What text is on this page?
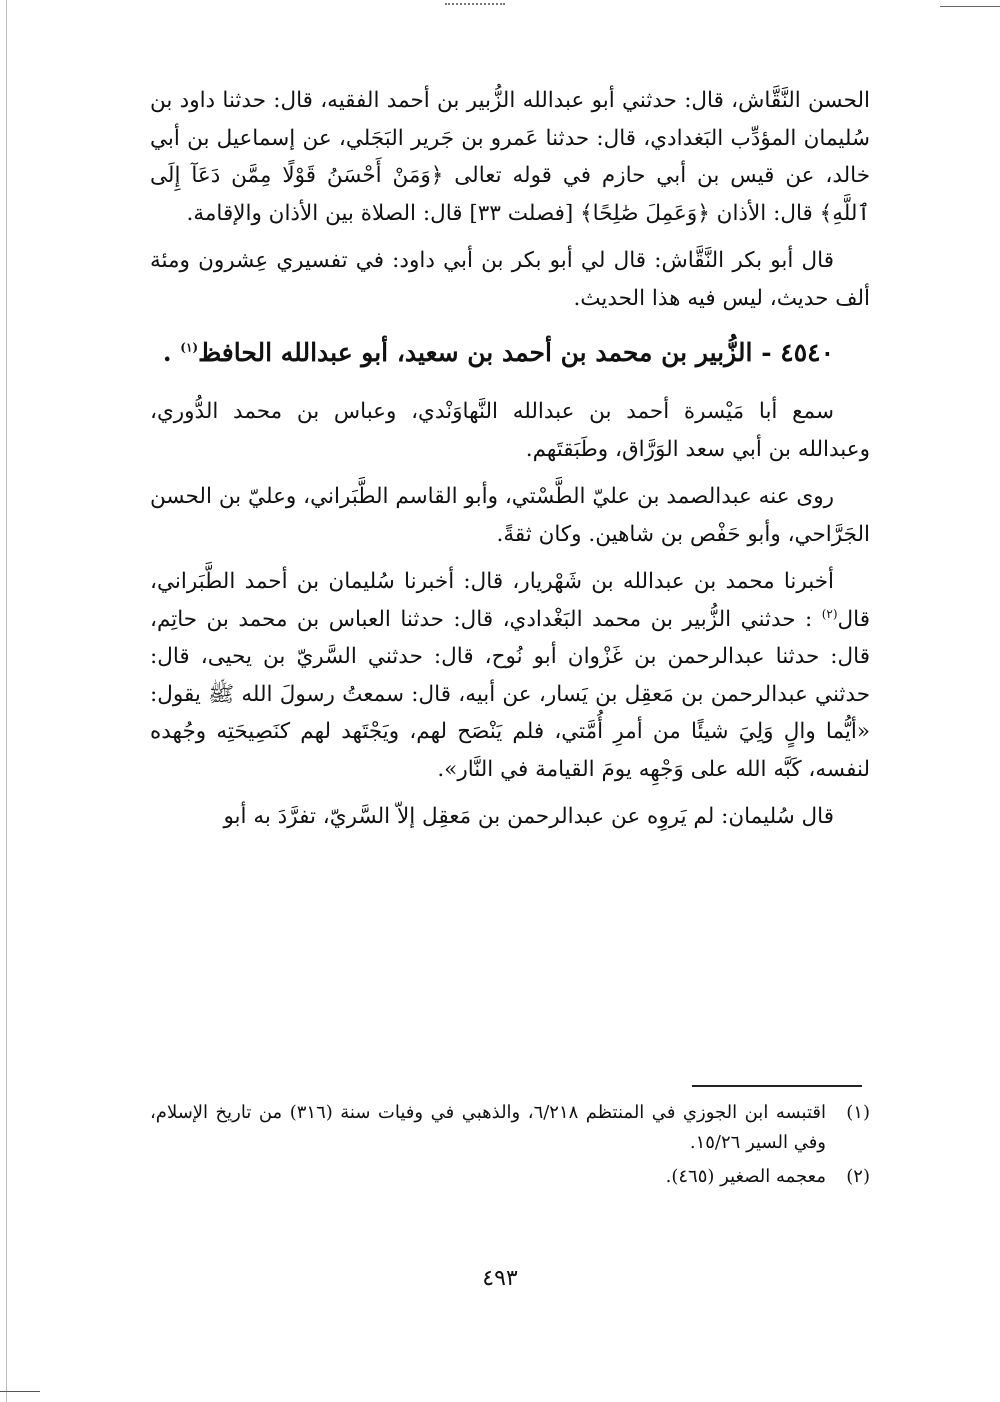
الحسن النَّقَّاش، قال: حدثني أبو عبدالله الزُّبير بن أحمد الفقيه، قال: حدثنا داود بن سُليمان المؤدِّب البَغدادي، قال: حدثنا عَمرو بن جَرير البَجَلي، عن إسماعيل بن أبي خالد، عن قيس بن أبي حازم في قوله تعالى ﴿وَمَنْ أَحْسَنُ قَوْلًا مِمَّن دَعَآ إِلَى ٱللَّهِ﴾ قال: الأذان ﴿وَعَمِلَ صَٰلِحًا﴾ [فصلت ٣٣] قال: الصلاة بين الأذان والإقامة.

قال أبو بكر النَّقَّاش: قال لي أبو بكر بن أبي داود: في تفسيري عِشرون ومئة ألف حديث، ليس فيه هذا الحديث.

٤٥٤٠ - الزُّبير بن محمد بن أحمد بن سعيد، أبو عبدالله الحافظ$^{(١)}$ .

سمع أبا مَيْسرة أحمد بن عبدالله النَّهاوَنْدي، وعباس بن محمد الدُّوري، وعبدالله بن أبي سعد الوَرَّاق، وطَبَقتَهم.

روى عنه عبدالصمد بن عليّ الطَّسْتي، وأبو القاسم الطَّبَراني، وعليّ بن الحسن الجَرَّاحي، وأبو حَفْص بن شاهين. وكان ثقةً.

أخبرنا محمد بن عبدالله بن شَهْريار، قال: أخبرنا سُليمان بن أحمد الطَّبَراني، قال$^{(٢)}$ : حدثني الزُّبير بن محمد البَغْدادي، قال: حدثنا العباس بن محمد بن حاتِم، قال: حدثنا عبدالرحمن بن غَزْوان أبو نُوح، قال: حدثني السَّريّ بن يحيى، قال: حدثني عبدالرحمن بن مَعقِل بن يَسار، عن أبيه، قال: سمعتُ رسولَ الله ﷺ يقول: «أيُّما والٍ وَلِيَ شيئًا من أمرِ أُمَّتي، فلم يَنْصَح لهم، ويَجْتَهد لهم كنَصِيحَتِه وجُهده لنفسه، كَبَّه الله على وَجْهِه يومَ القيامة في النَّار».

قال سُليمان: لم يَروِه عن عبدالرحمن بن مَعقِل إلاّ السَّريّ، تفرَّدَ به أبو

(١)
اقتبسه ابن الجوزي في المنتظم ٦/٢١٨، والذهبي في وفيات سنة (٣١٦) من تاريخ الإسلام، وفي السير ١٥/٢٦.
(٢)
معجمه الصغير (٤٦٥).
٤٩٣
